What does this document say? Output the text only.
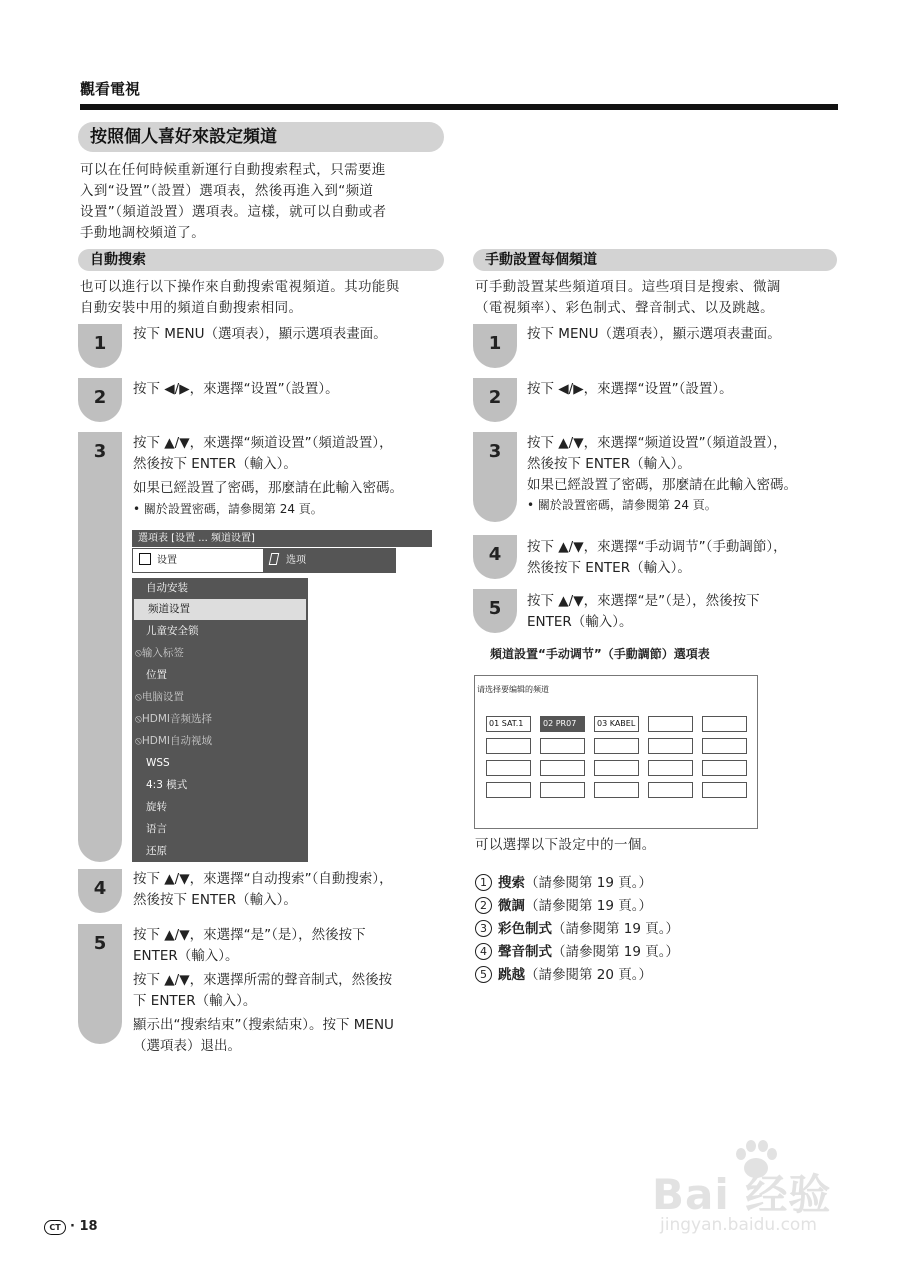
觀看電視
按照個人喜好來設定頻道
可以在任何時候重新運行自動搜索程式，只需要進
入到“设置”（設置）選項表，然後再進入到“频道
设置”（頻道設置）選項表。這樣，就可以自動或者
手動地調校頻道了。
自動搜索
也可以進行以下操作來自動搜索電視頻道。其功能與
自動安裝中用的頻道自動搜索相同。
1	按下 MENU（選項表），顯示選項表畫面。
2	按下 ◀/▶，來選擇“设置”（設置）。
3	按下 ▲/▼，來選擇“频道设置”（頻道設置），
然後按下 ENTER（輸入）。
如果已經設置了密碼，那麼請在此輸入密碼。
• 關於設置密碼，請參閱第 24 頁。
選項表 [设置 ... 频道设置]
设置	选项
自动安装
频道设置
儿童安全锁
⦸输入标签
位置
⦸电脑设置
⦸HDMI音频选择
⦸HDMI自动视域
WSS
4:3 模式
旋转
语言
还原
4	按下 ▲/▼，來選擇“自动搜索”（自動搜索），
然後按下 ENTER（輸入）。
5	按下 ▲/▼，來選擇“是”（是），然後按下
ENTER（輸入）。
按下 ▲/▼，來選擇所需的聲音制式，然後按
下 ENTER（輸入）。
顯示出“搜索结束”（搜索結束）。按下 MENU
（選項表）退出。
手動設置每個頻道
可手動設置某些頻道項目。這些項目是搜索、微調
（電視頻率）、彩色制式、聲音制式、以及跳越。
1	按下 MENU（選項表），顯示選項表畫面。
2	按下 ◀/▶，來選擇“设置”（設置）。
3	按下 ▲/▼，來選擇“频道设置”（頻道設置），
然後按下 ENTER（輸入）。
如果已經設置了密碼，那麼請在此輸入密碼。
• 關於設置密碼，請參閱第 24 頁。
4	按下 ▲/▼，來選擇“手动调节”（手動調節），
然後按下 ENTER（輸入）。
5	按下 ▲/▼，來選擇“是”（是），然後按下
ENTER（輸入）。
頻道設置“手动调节”（手動調節）選項表
请选择要编辑的频道
01 SAT.1	02 PR07	03 KABEL
可以選擇以下設定中的一個。
1 搜索（請參閱第 19 頁。）
2 微調（請參閱第 19 頁。）
3 彩色制式（請參閱第 19 頁。）
4 聲音制式（請參閱第 19 頁。）
5 跳越（請參閱第 20 頁。）
CT · 18
Bai 经验
jingyan.baidu.com
